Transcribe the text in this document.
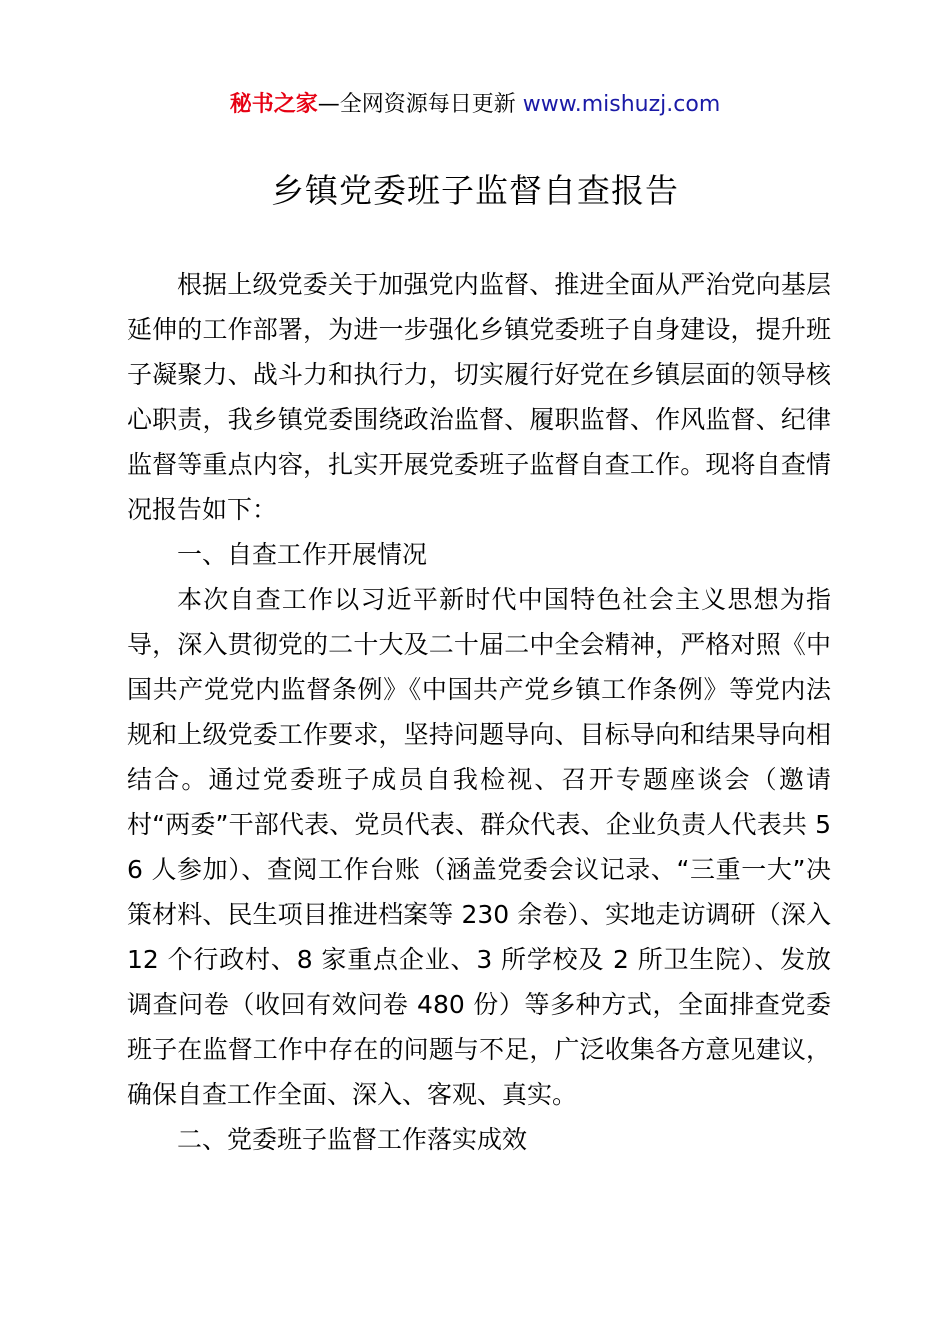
秘书之家—全网资源每日更新 www.mishuzj.com
乡镇党委班子监督自查报告

根据上级党委关于加强党内监督、推进全面从严治党向基层延伸的工作部署，为进一步强化乡镇党委班子自身建设，提升班子凝聚力、战斗力和执行力，切实履行好党在乡镇层面的领导核心职责，我乡镇党委围绕政治监督、履职监督、作风监督、纪律监督等重点内容，扎实开展党委班子监督自查工作。现将自查情况报告如下：

一、自查工作开展情况

本次自查工作以习近平新时代中国特色社会主义思想为指导，深入贯彻党的二十大及二十届二中全会精神，严格对照《中国共产党党内监督条例》《中国共产党乡镇工作条例》等党内法规和上级党委工作要求，坚持问题导向、目标导向和结果导向相结合。通过党委班子成员自我检视、召开专题座谈会（邀请村“两委”干部代表、党员代表、群众代表、企业负责人代表共 56 人参加）、查阅工作台账（涵盖党委会议记录、“三重一大”决策材料、民生项目推进档案等 230 余卷）、实地走访调研（深入 12 个行政村、8 家重点企业、3 所学校及 2 所卫生院）、发放调查问卷（收回有效问卷 480 份）等多种方式，全面排查党委班子在监督工作中存在的问题与不足，广泛收集各方意见建议，确保自查工作全面、深入、客观、真实。

二、党委班子监督工作落实成效
